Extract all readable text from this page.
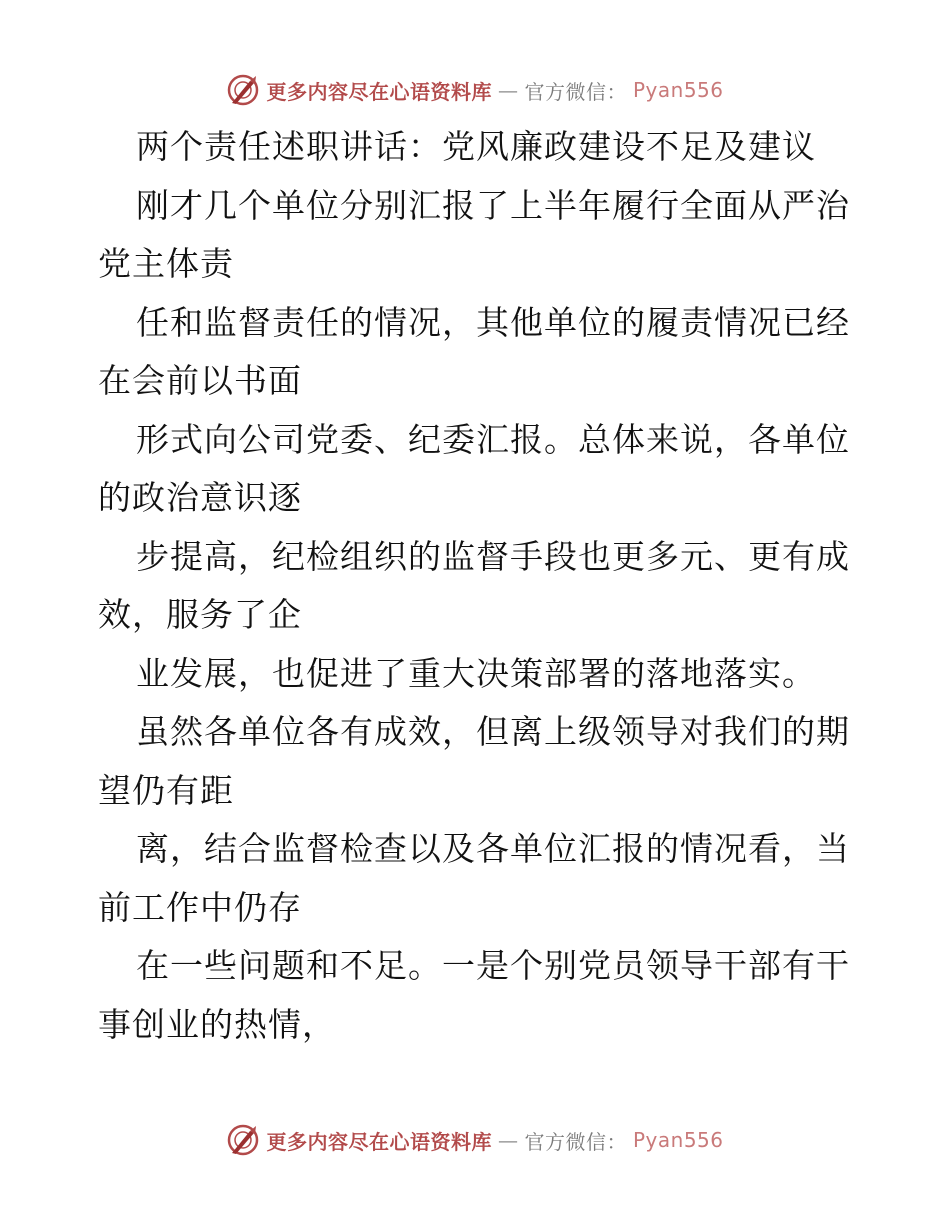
更多内容尽在心语资料库 — 官方微信： Pyan556
两个责任述职讲话：党风廉政建设不足及建议
刚才几个单位分别汇报了上半年履行全面从严治
党主体责
任和监督责任的情况，其他单位的履责情况已经
在会前以书面
形式向公司党委、纪委汇报。总体来说，各单位
的政治意识逐
步提高，纪检组织的监督手段也更多元、更有成
效，服务了企
业发展，也促进了重大决策部署的落地落实。
虽然各单位各有成效，但离上级领导对我们的期
望仍有距
离，结合监督检查以及各单位汇报的情况看，当
前工作中仍存
在一些问题和不足。一是个别党员领导干部有干
事创业的热情，
更多内容尽在心语资料库 — 官方微信： Pyan556
